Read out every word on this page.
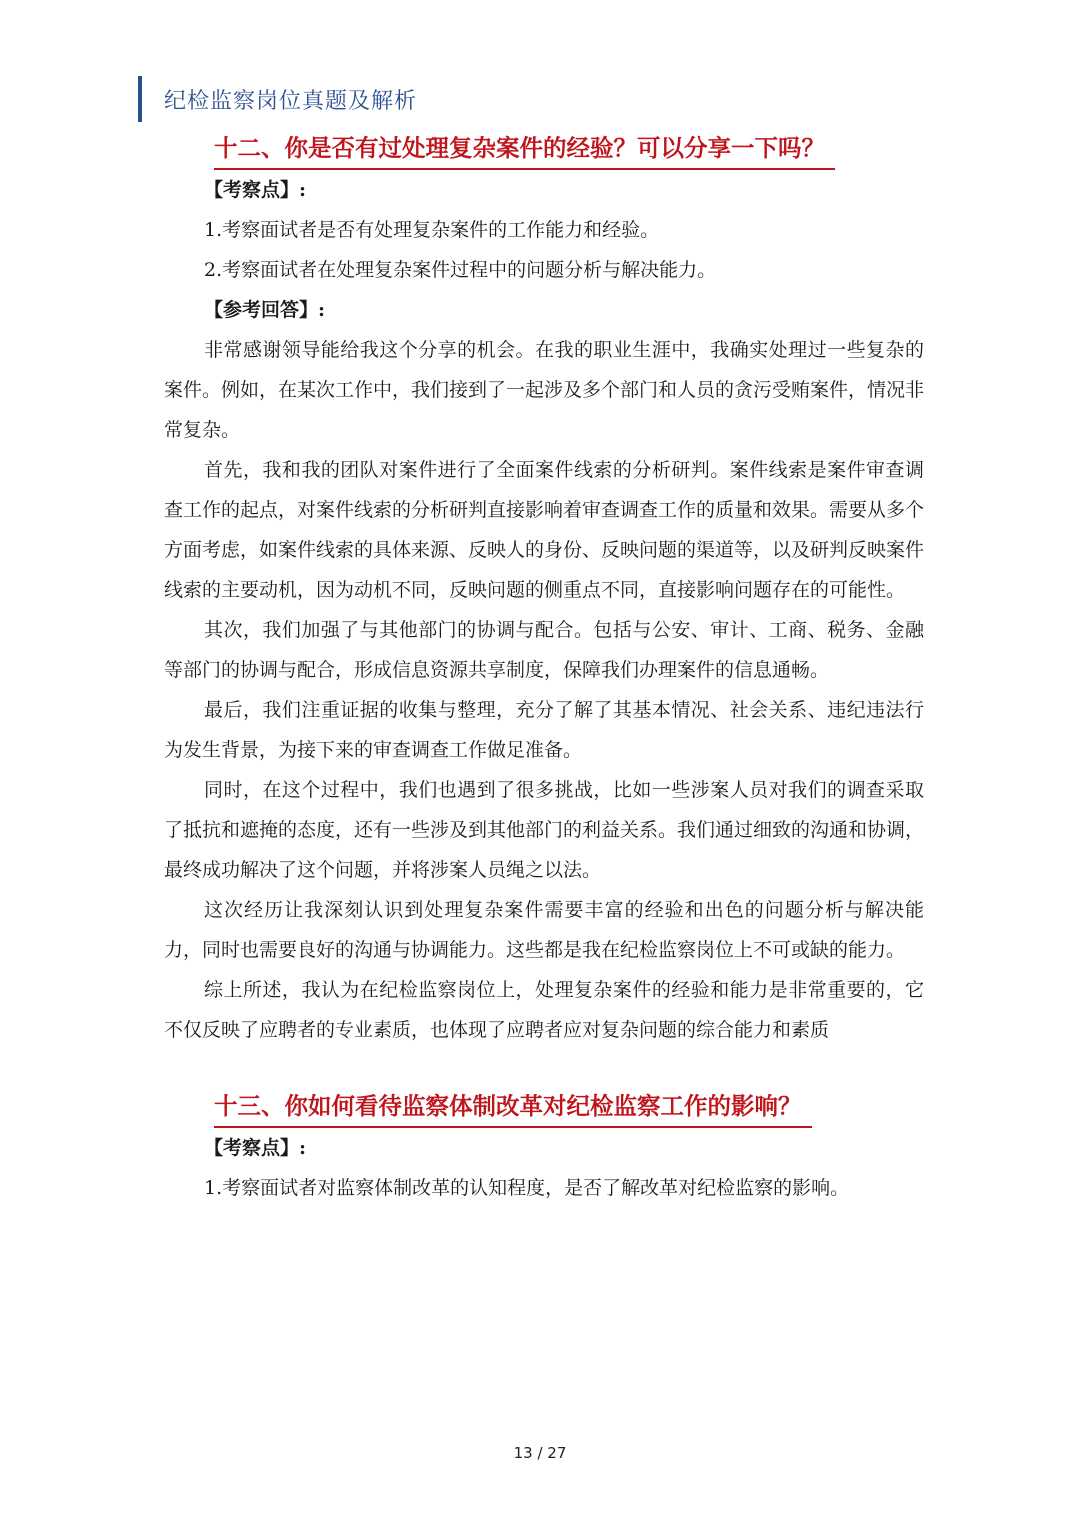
纪检监察岗位真题及解析
十二、你是否有过处理复杂案件的经验？可以分享一下吗？
【考察点】:
1.考察面试者是否有处理复杂案件的工作能力和经验。
2.考察面试者在处理复杂案件过程中的问题分析与解决能力。
【参考回答】:

非常感谢领导能给我这个分享的机会。在我的职业生涯中，我确实处理过一些复杂的案件。例如，在某次工作中，我们接到了一起涉及多个部门和人员的贪污受贿案件，情况非常复杂。

首先，我和我的团队对案件进行了全面案件线索的分析研判。案件线索是案件审查调查工作的起点，对案件线索的分析研判直接影响着审查调查工作的质量和效果。需要从多个方面考虑，如案件线索的具体来源、反映人的身份、反映问题的渠道等，以及研判反映案件线索的主要动机，因为动机不同，反映问题的侧重点不同，直接影响问题存在的可能性。

其次，我们加强了与其他部门的协调与配合。包括与公安、审计、工商、税务、金融等部门的协调与配合，形成信息资源共享制度，保障我们办理案件的信息通畅。

最后，我们注重证据的收集与整理，充分了解了其基本情况、社会关系、违纪违法行为发生背景，为接下来的审查调查工作做足准备。

同时，在这个过程中，我们也遇到了很多挑战，比如一些涉案人员对我们的调查采取了抵抗和遮掩的态度，还有一些涉及到其他部门的利益关系。我们通过细致的沟通和协调，最终成功解决了这个问题，并将涉案人员绳之以法。

这次经历让我深刻认识到处理复杂案件需要丰富的经验和出色的问题分析与解决能力，同时也需要良好的沟通与协调能力。这些都是我在纪检监察岗位上不可或缺的能力。

综上所述，我认为在纪检监察岗位上，处理复杂案件的经验和能力是非常重要的，它不仅反映了应聘者的专业素质，也体现了应聘者应对复杂问题的综合能力和素质

十三、你如何看待监察体制改革对纪检监察工作的影响？
【考察点】:
1.考察面试者对监察体制改革的认知程度，是否了解改革对纪检监察的影响。
13 / 27
